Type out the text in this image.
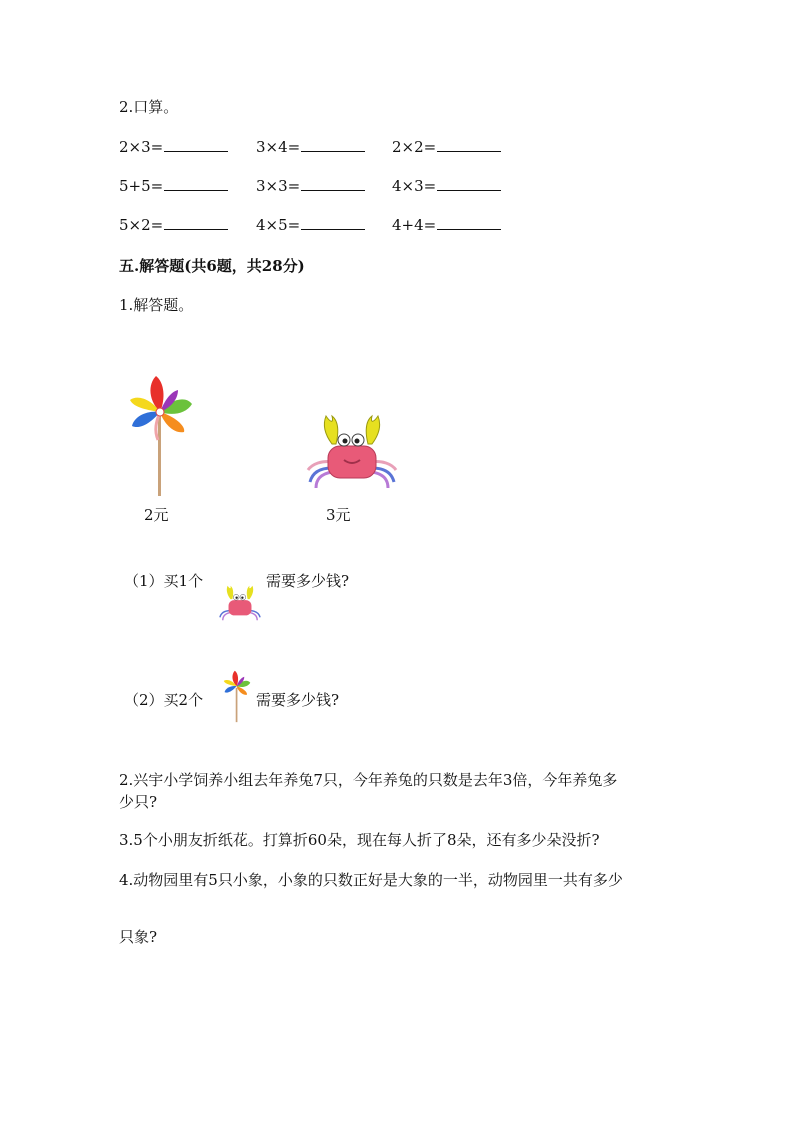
2.口算。
2×3=	3×4=	2×2=
5+5=	3×3=	4×3=
5×2=	4×5=	4+4=
五.解答题(共6题，共28分)
1.解答题。
2元	3元
（1）买1个	需要多少钱?
（2）买2个	需要多少钱?
2.兴宇小学饲养小组去年养兔7只，今年养兔的只数是去年3倍，今年养兔多
少只?
3.5个小朋友折纸花。打算折60朵，现在每人折了8朵，还有多少朵没折?
4.动物园里有5只小象，小象的只数正好是大象的一半，动物园里一共有多少
只象?
